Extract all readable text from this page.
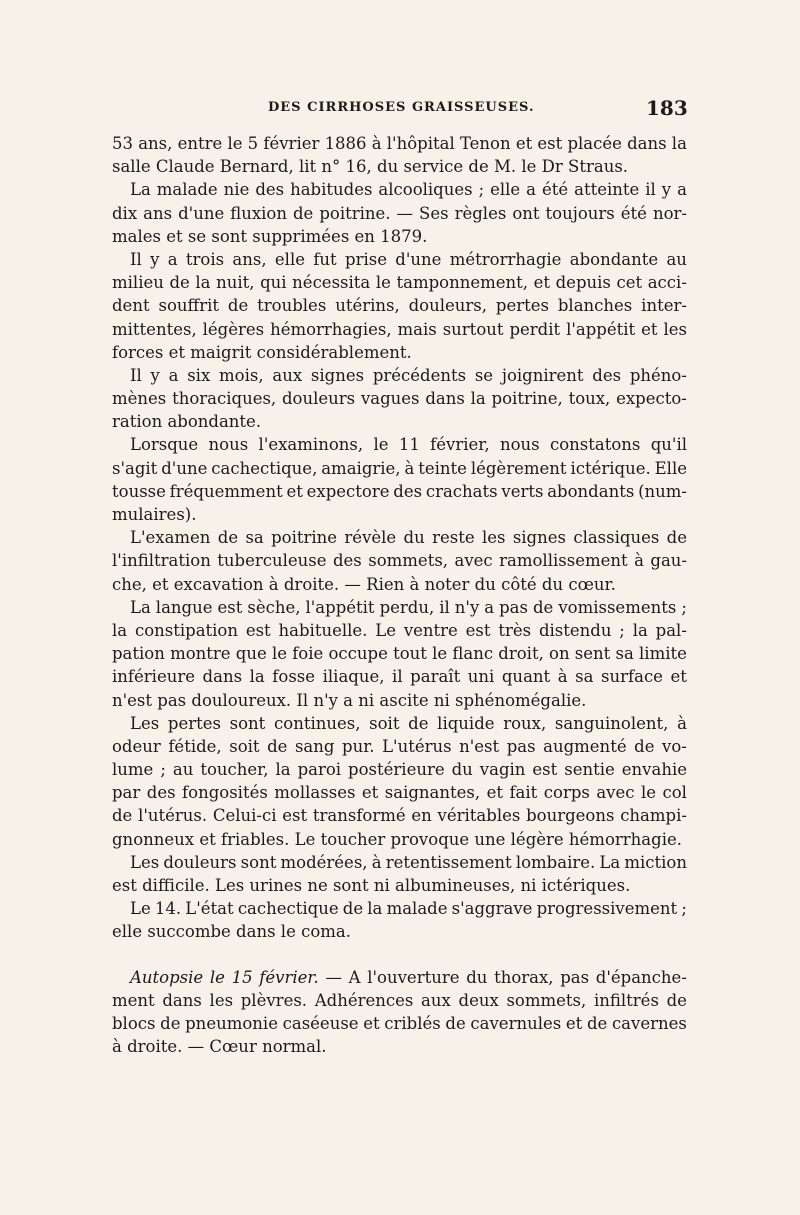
DES CIRRHOSES GRAISSEUSES.	183
53 ans, entre le 5 février 1886 à l'hôpital Tenon et est placée dans la
salle Claude Bernard, lit n° 16, du service de M. le Dr Straus.
La malade nie des habitudes alcooliques ; elle a été atteinte il y a
dix ans d'une fluxion de poitrine. — Ses règles ont toujours été nor-
males et se sont supprimées en 1879.
Il y a trois ans, elle fut prise d'une métrorrhagie abondante au
milieu de la nuit, qui nécessita le tamponnement, et depuis cet acci-
dent souffrit de troubles utérins, douleurs, pertes blanches inter-
mittentes, légères hémorrhagies, mais surtout perdit l'appétit et les
forces et maigrit considérablement.
Il y a six mois, aux signes précédents se joignirent des phéno-
mènes thoraciques, douleurs vagues dans la poitrine, toux, expecto-
ration abondante.
Lorsque nous l'examinons, le 11 février, nous constatons qu'il
s'agit d'une cachectique, amaigrie, à teinte légèrement ictérique. Elle
tousse fréquemment et expectore des crachats verts abondants (num-
mulaires).
L'examen de sa poitrine révèle du reste les signes classiques de
l'infiltration tuberculeuse des sommets, avec ramollissement à gau-
che, et excavation à droite. — Rien à noter du côté du cœur.
La langue est sèche, l'appétit perdu, il n'y a pas de vomissements ;
la constipation est habituelle. Le ventre est très distendu ; la pal-
pation montre que le foie occupe tout le flanc droit, on sent sa limite
inférieure dans la fosse iliaque, il paraît uni quant à sa surface et
n'est pas douloureux. Il n'y a ni ascite ni sphénomégalie.
Les pertes sont continues, soit de liquide roux, sanguinolent, à
odeur fétide, soit de sang pur. L'utérus n'est pas augmenté de vo-
lume ; au toucher, la paroi postérieure du vagin est sentie envahie
par des fongosités mollasses et saignantes, et fait corps avec le col
de l'utérus. Celui-ci est transformé en véritables bourgeons champi-
gnonneux et friables. Le toucher provoque une légère hémorrhagie.
Les douleurs sont modérées, à retentissement lombaire. La miction
est difficile. Les urines ne sont ni albumineuses, ni ictériques.
Le 14. L'état cachectique de la malade s'aggrave progressivement ;
elle succombe dans le coma.
Autopsie le 15 février. — A l'ouverture du thorax, pas d'épanche-
ment dans les plèvres. Adhérences aux deux sommets, infiltrés de
blocs de pneumonie caséeuse et criblés de cavernules et de cavernes
à droite. — Cœur normal.
